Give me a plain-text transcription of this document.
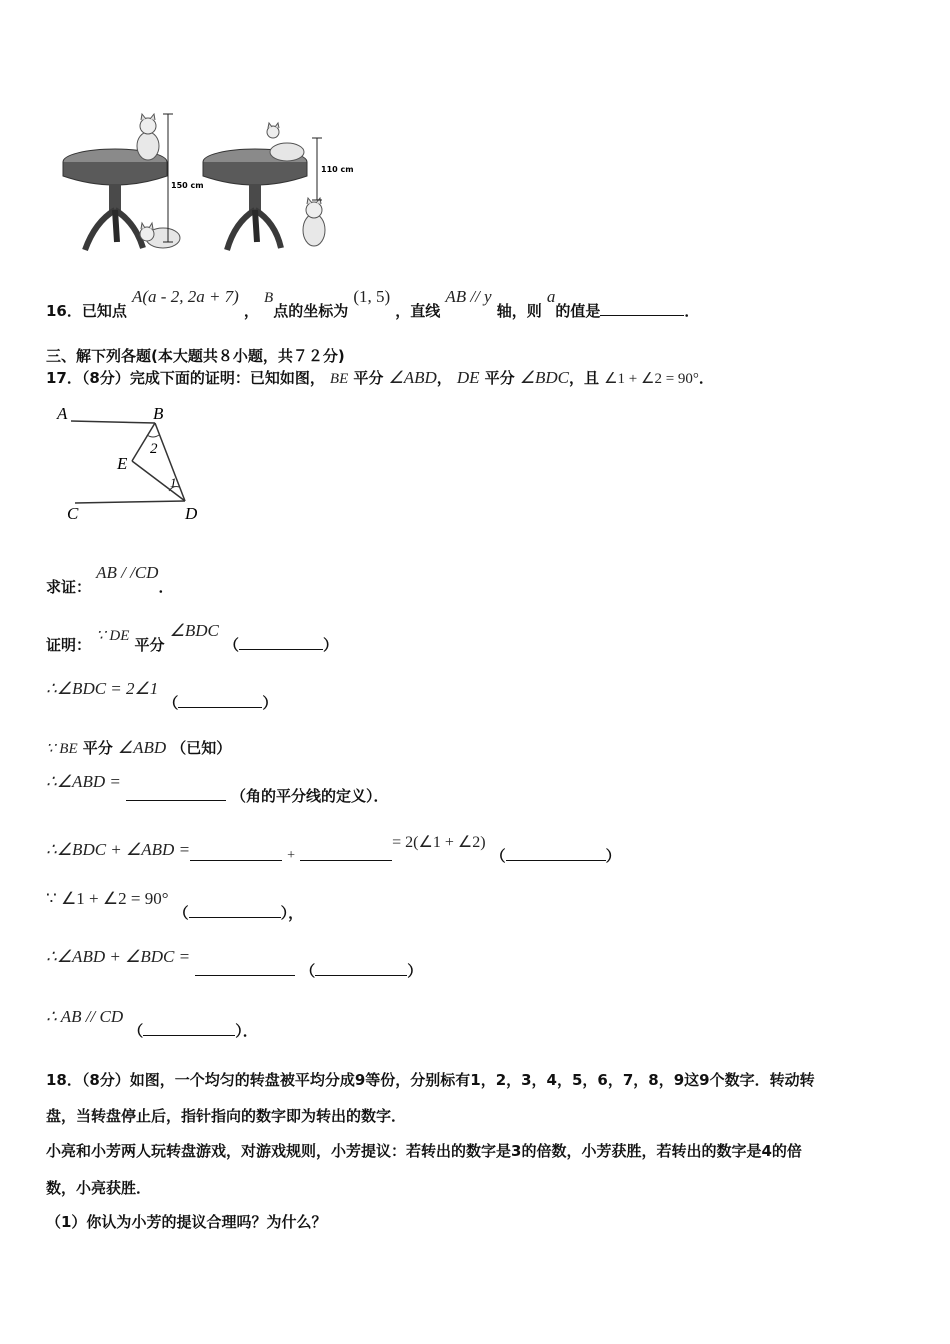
150 cm
110 cm
16．已知点 A(a - 2, 2a + 7) ， B点的坐标为 (1, 5) ，直线 AB // y 轴，则 a的值是	．
三、解下列各题(本大题共８小题，共７２分)
17．（8分）完成下面的证明：已知如图， BE 平分 ∠ABD， DE 平分 ∠BDC，且 ∠1 + ∠2 = 90°．
A	B
C	D
E
1
2
求证： AB / /CD．
证明： ∵ DE 平分 ∠BDC （	）
∴∠BDC = 2∠1 （	）
∵ BE 平分 ∠ABD （已知）
∴∠ABD =  （角的平分线的定义）．
∴∠BDC + ∠ABD =	+ = 2(∠1 + ∠2) （	）
∵ ∠1 + ∠2 = 90° （	），
∴∠ABD + ∠BDC =  （	）
∴ AB // CD （	）．
18．（8分）如图，一个均匀的转盘被平均分成9等份，分别标有1，2，3，4，5，6，7，8，9这9个数字．转动转
盘，当转盘停止后，指针指向的数字即为转出的数字．
小亮和小芳两人玩转盘游戏，对游戏规则，小芳提议：若转出的数字是3的倍数，小芳获胜，若转出的数字是4的倍
数，小亮获胜．
（1）你认为小芳的提议合理吗？为什么？
